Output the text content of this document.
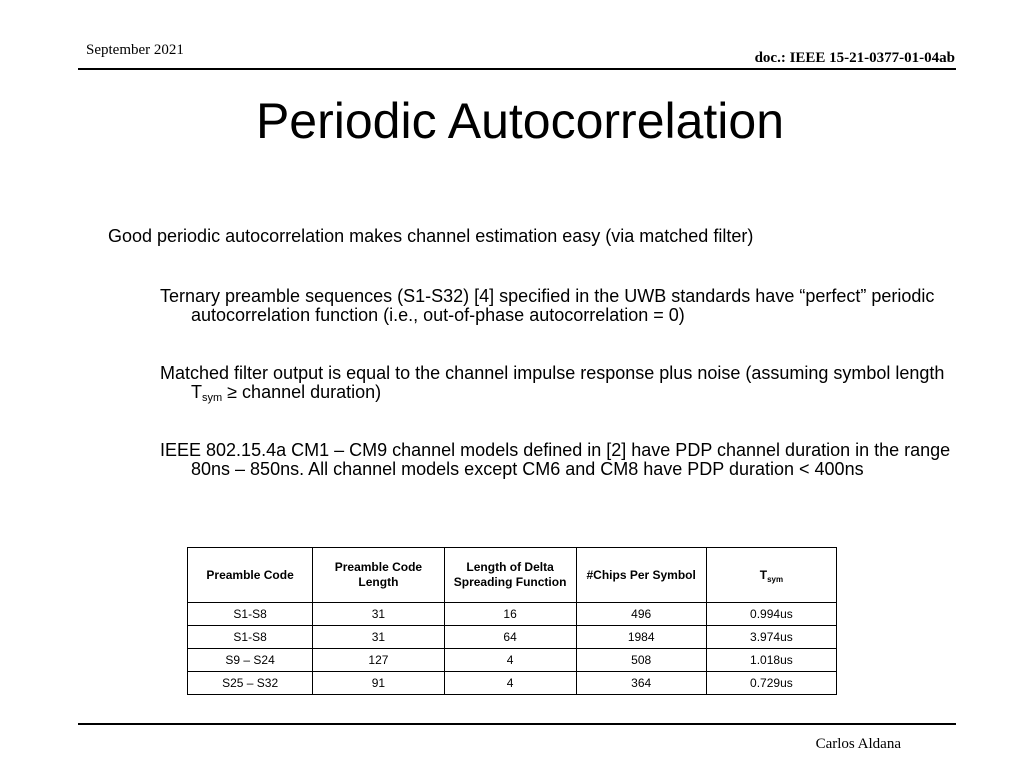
September 2021	doc.: IEEE 15-21-0377-01-04ab
Periodic Autocorrelation
Good periodic autocorrelation makes channel estimation easy (via matched filter)
Ternary preamble sequences (S1-S32) [4] specified in the UWB standards have “perfect” periodic autocorrelation function (i.e., out-of-phase autocorrelation = 0)
Matched filter output is equal to the channel impulse response plus noise (assuming symbol length $T_{sym}$ ≥ channel duration)
IEEE 802.15.4a CM1 – CM9 channel models defined in [2] have PDP channel duration in the range 80ns – 850ns. All channel models except CM6 and CM8 have PDP duration < 400ns
Preamble Code	Preamble Code Length	Length of Delta Spreading Function	#Chips Per Symbol	$T_{sym}$
S1-S8	31	16	496	0.994us
S1-S8	31	64	1984	3.974us
S9 – S24	127	4	508	1.018us
S25 – S32	91	4	364	0.729us
Carlos Aldana
